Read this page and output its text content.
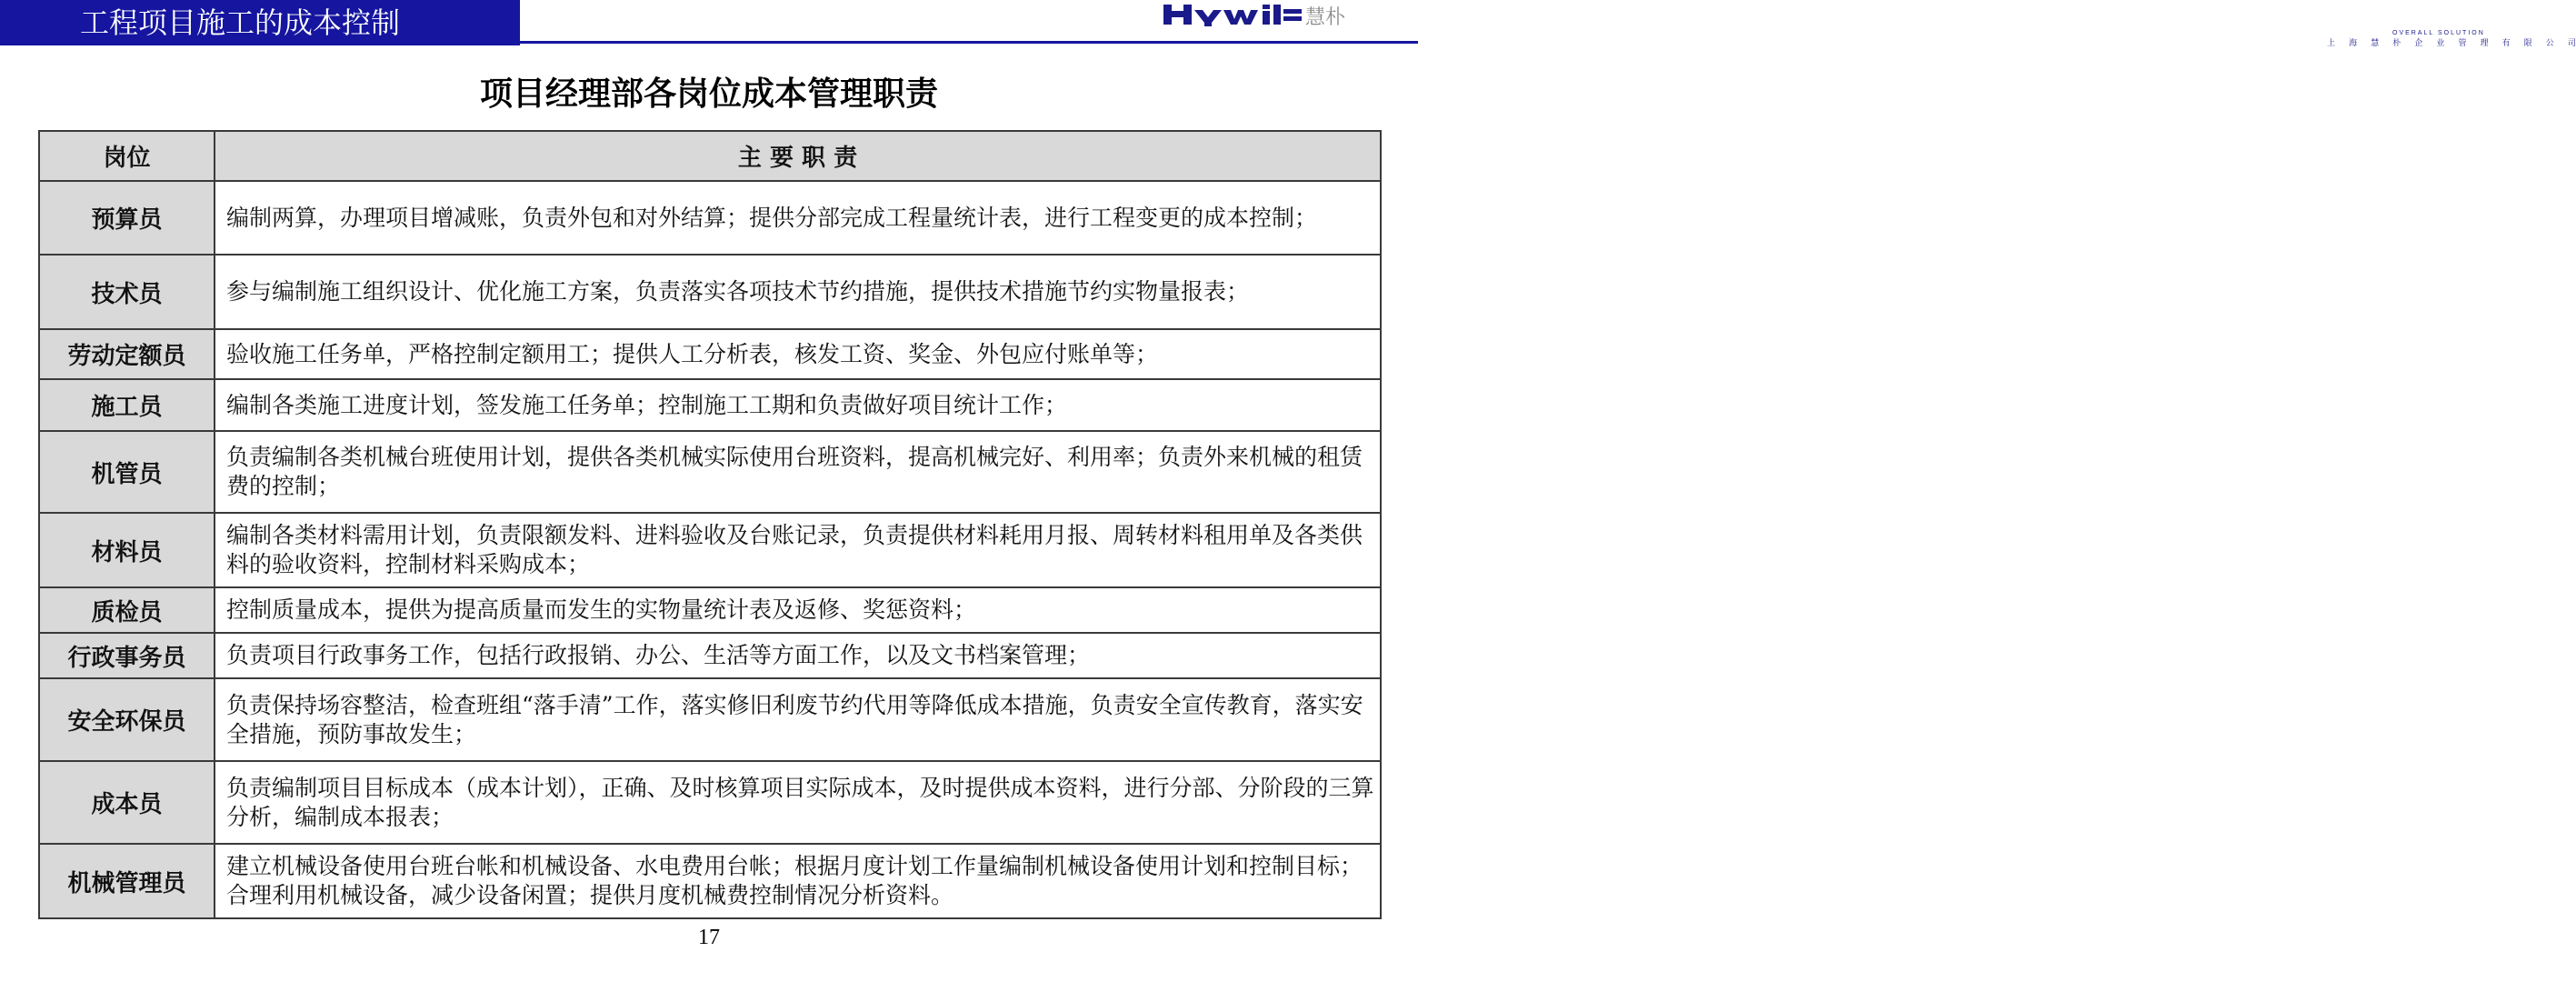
工程项目施工的成本控制	慧朴
OVERALL SOLUTION
上 海 慧 朴 企 业 管 理 有 限 公 司
项目经理部各岗位成本管理职责
岗位	主 要 职 责
预算员	编制两算，办理项目增减账，负责外包和对外结算；提供分部完成工程量统计表，进行工程变更的成本控制；
技术员	参与编制施工组织设计、优化施工方案，负责落实各项技术节约措施，提供技术措施节约实物量报表；
劳动定额员	验收施工任务单，严格控制定额用工；提供人工分析表，核发工资、奖金、外包应付账单等；
施工员	编制各类施工进度计划，签发施工任务单；控制施工工期和负责做好项目统计工作；
机管员	负责编制各类机械台班使用计划，提供各类机械实际使用台班资料，提高机械完好、利用率；负责外来机械的租赁费的控制；
材料员	编制各类材料需用计划，负责限额发料、进料验收及台账记录，负责提供材料耗用月报、周转材料租用单及各类供料的验收资料，控制材料采购成本；
质检员	控制质量成本，提供为提高质量而发生的实物量统计表及返修、奖惩资料；
行政事务员	负责项目行政事务工作，包括行政报销、办公、生活等方面工作，以及文书档案管理；
安全环保员	负责保持场容整洁，检查班组“落手清”工作，落实修旧利废节约代用等降低成本措施，负责安全宣传教育，落实安全措施，预防事故发生；
成本员	负责编制项目目标成本（成本计划），正确、及时核算项目实际成本，及时提供成本资料，进行分部、分阶段的三算分析，编制成本报表；
机械管理员	建立机械设备使用台班台帐和机械设备、水电费用台帐；根据月度计划工作量编制机械设备使用计划和控制目标；合理利用机械设备，减少设备闲置；提供月度机械费控制情况分析资料。
17
